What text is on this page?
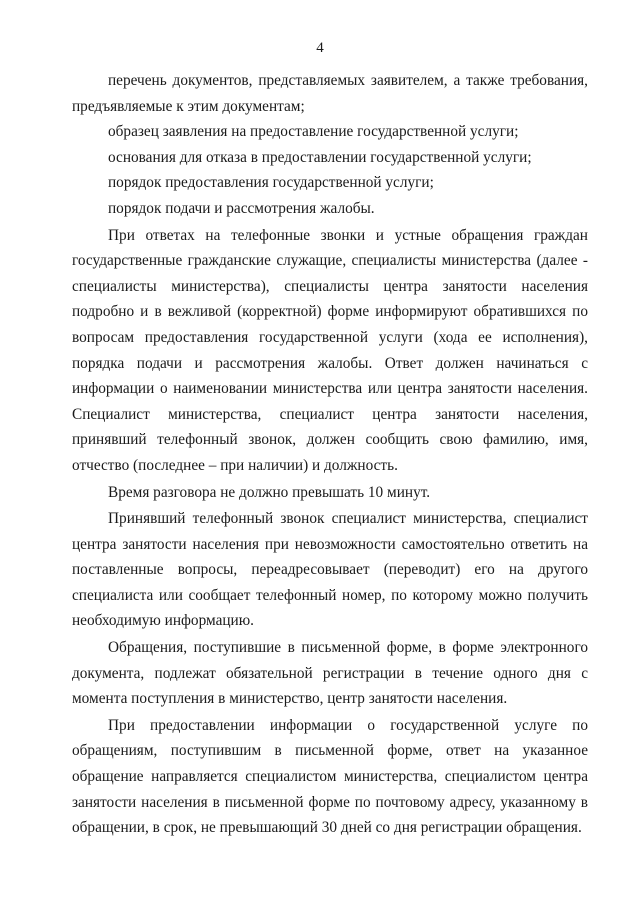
4

перечень документов, представляемых заявителем, а также требования, предъявляемые к этим документам;

образец заявления на предоставление государственной услуги;

основания для отказа в предоставлении государственной услуги;

порядок предоставления государственной услуги;

порядок подачи и рассмотрения жалобы.

При ответах на телефонные звонки и устные обращения граждан государственные гражданские служащие, специалисты министерства (далее - специалисты министерства), специалисты центра занятости населения подробно и в вежливой (корректной) форме информируют обратившихся по вопросам предоставления государственной услуги (хода ее исполнения), порядка подачи и рассмотрения жалобы. Ответ должен начинаться с информации о наименовании министерства или центра занятости населения. Специалист министерства, специалист центра занятости населения, принявший телефонный звонок, должен сообщить свою фамилию, имя, отчество (последнее – при наличии) и должность.

Время разговора не должно превышать 10 минут.

Принявший телефонный звонок специалист министерства, специалист центра занятости населения при невозможности самостоятельно ответить на поставленные вопросы, переадресовывает (переводит) его на другого специалиста или сообщает телефонный номер, по которому можно получить необходимую информацию.

Обращения, поступившие в письменной форме, в форме электронного документа, подлежат обязательной регистрации в течение одного дня с момента поступления в министерство, центр занятости населения.

При предоставлении информации о государственной услуге по обращениям, поступившим в письменной форме, ответ на указанное обращение направляется специалистом министерства, специалистом центра занятости населения в письменной форме по почтовому адресу, указанному в обращении, в срок, не превышающий 30 дней со дня регистрации обращения.
